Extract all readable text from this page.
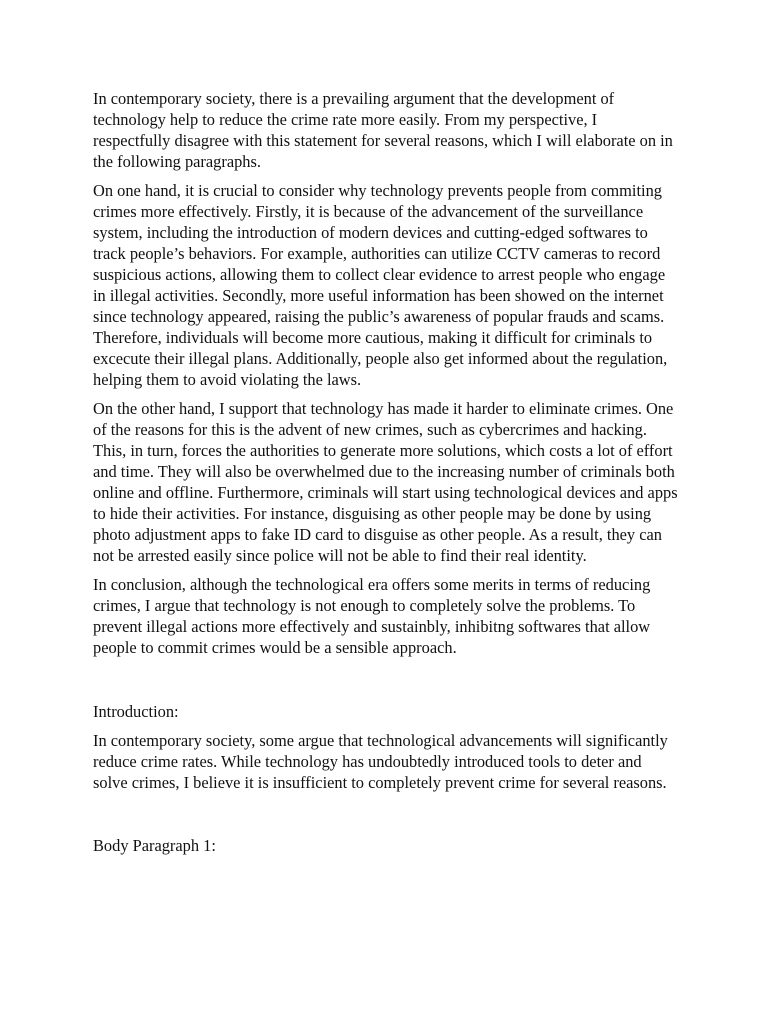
In contemporary society, there is a prevailing argument that the development of technology help to reduce the crime rate more easily. From my perspective, I respectfully disagree with this statement for several reasons, which I will elaborate on in the following paragraphs.

On one hand, it is crucial to consider why technology prevents people from commiting crimes more effectively. Firstly, it is because of the advancement of the surveillance system, including the introduction of modern devices and cutting-edged softwares to track people’s behaviors. For example, authorities can utilize CCTV cameras to record suspicious actions, allowing them to collect clear evidence to arrest people who engage in illegal activities. Secondly, more useful information has been showed on the internet since technology appeared, raising the public’s awareness of popular frauds and scams. Therefore, individuals will become more cautious, making it difficult for criminals to excecute their illegal plans. Additionally, people also get informed about the regulation, helping them to avoid violating the laws.

On the other hand, I support that technology has made it harder to eliminate crimes. One of the reasons for this is the advent of new crimes, such as cybercrimes and hacking. This, in turn, forces the authorities to generate more solutions, which costs a lot of effort and time. They will also be overwhelmed due to the increasing number of criminals both online and offline. Furthermore, criminals will start using technological devices and apps to hide their activities. For instance, disguising as other people may be done by using photo adjustment apps to fake ID card to disguise as other people. As a result, they can not be arrested easily since police will not be able to find their real identity.

In conclusion, although the technological era offers some merits in terms of reducing crimes, I argue that technology is not enough to completely solve the problems. To prevent illegal actions more effectively and sustainbly, inhibitng softwares that allow people to commit crimes would be a sensible approach.

Introduction:

In contemporary society, some argue that technological advancements will significantly reduce crime rates. While technology has undoubtedly introduced tools to deter and solve crimes, I believe it is insufficient to completely prevent crime for several reasons.

Body Paragraph 1:
